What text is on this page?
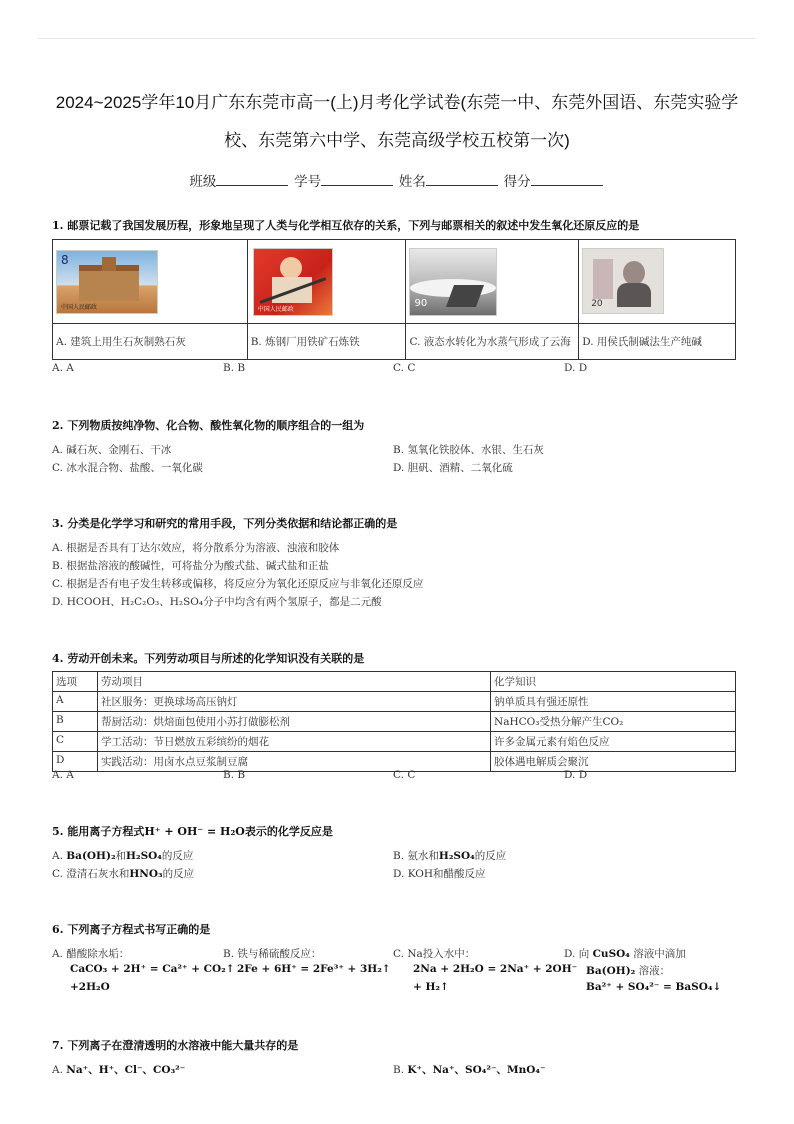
2024~2025学年10月广东东莞市高一(上)月考化学试卷(东莞一中、东莞外国语、东莞实验学
校、东莞第六中学、东莞高级学校五校第一次)
班级	学号	姓名	得分
1. 邮票记载了我国发展历程，形象地呈现了人类与化学相互依存的关系，下列与邮票相关的叙述中发生氧化还原反应的是
8
中国人民邮政	中国人民邮政	90	20

A. 建筑上用生石灰制熟石灰	B. 炼钢厂用铁矿石炼铁	C. 液态水转化为水蒸气形成了云海	D. 用侯氏制碱法生产纯碱
A. A	B. B	C. C	D. D
2. 下列物质按纯净物、化合物、酸性氧化物的顺序组合的一组为
A. 碱石灰、金刚石、干冰	B. 氢氧化铁胶体、水银、生石灰
C. 冰水混合物、盐酸、一氧化碳	D. 胆矾、酒精、二氧化硫
3. 分类是化学学习和研究的常用手段，下列分类依据和结论都正确的是
A. 根据是否具有丁达尔效应，将分散系分为溶液、浊液和胶体
B. 根据盐溶液的酸碱性，可将盐分为酸式盐、碱式盐和正盐
C. 根据是否有电子发生转移或偏移，将反应分为氧化还原反应与非氧化还原反应
D. HCOOH、H₂C₂O₃、H₂SO₄分子中均含有两个氢原子，都是二元酸
4. 劳动开创未来。下列劳动项目与所述的化学知识没有关联的是
选项	劳动项目	化学知识
A	社区服务：更换球场高压钠灯	钠单质具有强还原性
B	帮厨活动：烘焙面包使用小苏打做膨松剂	NaHCO₃受热分解产生CO₂
C	学工活动：节日燃放五彩缤纷的烟花	许多金属元素有焰色反应
D	实践活动：用卤水点豆浆制豆腐	胶体遇电解质会聚沉
A. A	B. B	C. C	D. D
5. 能用离子方程式H⁺ + OH⁻ = H₂O表示的化学反应是
A. Ba(OH)₂和H₂SO₄的反应	B. 氨水和H₂SO₄的反应
C. 澄清石灰水和HNO₃的反应	D. KOH和醋酸反应
6. 下列离子方程式书写正确的是
A. 醋酸除水垢：
CaCO₃ + 2H⁺ = Ca²⁺ + CO₂↑
+2H₂O
B. 铁与稀硫酸反应：
2Fe + 6H⁺ = 2Fe³⁺ + 3H₂↑
C. Na投入水中：
2Na + 2H₂O = 2Na⁺ + 2OH⁻
+ H₂↑
D. 向 CuSO₄ 溶液中滴加
Ba(OH)₂ 溶液：
Ba²⁺ + SO₄²⁻ = BaSO₄↓
7. 下列离子在澄清透明的水溶液中能大量共存的是
A. Na⁺、H⁺、Cl⁻、CO₃²⁻	B. K⁺、Na⁺、SO₄²⁻、MnO₄⁻
